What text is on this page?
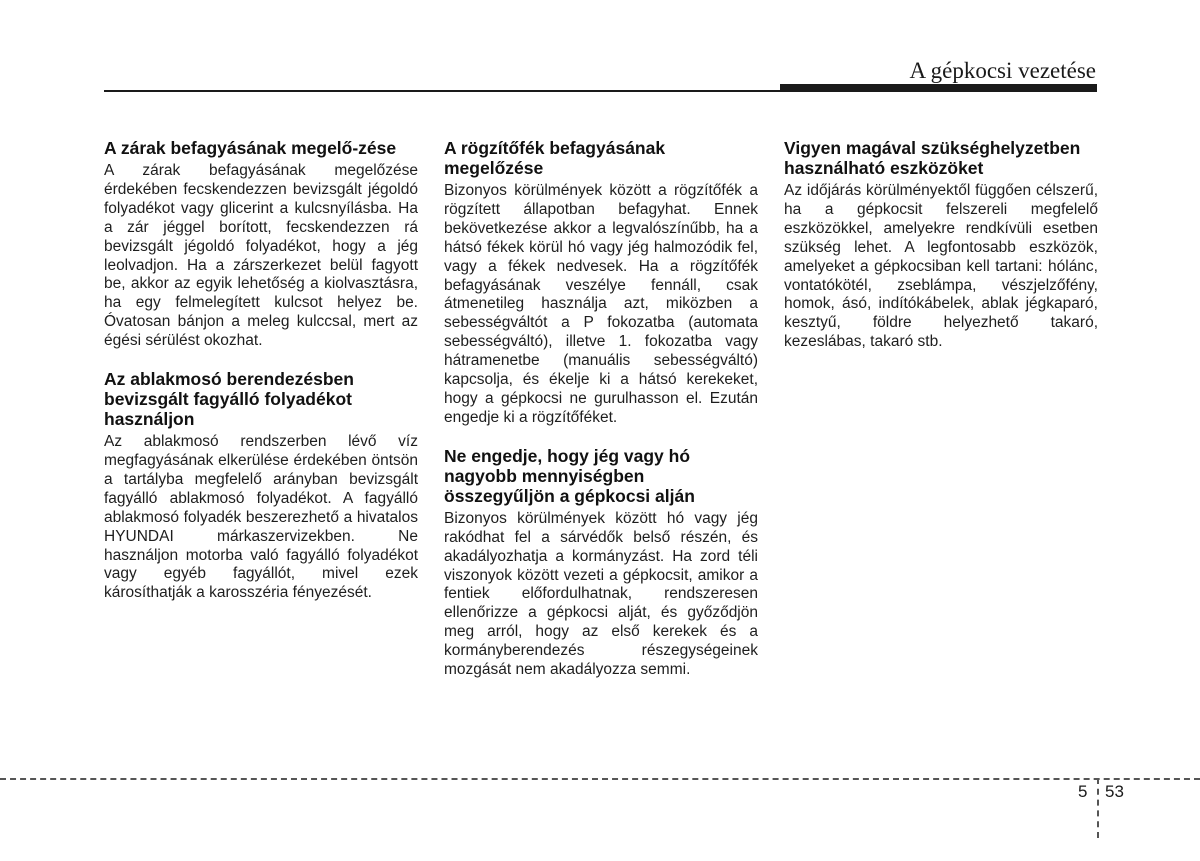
A gépkocsi vezetése
A zárak befagyásának megelő-zése

A zárak befagyásának megelőzése érdekében fecskendezzen bevizsgált jégoldó folyadékot vagy glicerint a kulcsnyílásba. Ha a zár jéggel borított, fecskendezzen rá bevizsgált jégoldó folyadékot, hogy a jég leolvadjon. Ha a zárszerkezet belül fagyott be, akkor az egyik lehetőség a kiolvasztásra, ha egy felmelegített kulcsot helyez be. Óvatosan bánjon a meleg kulccsal, mert az égési sérülést okozhat.

Az ablakmosó berendezésben bevizsgált fagyálló folyadékot használjon

Az ablakmosó rendszerben lévő víz megfagyásának elkerülése érdekében öntsön a tartályba megfelelő arányban bevizsgált fagyálló ablakmosó folyadékot. A fagyálló ablakmosó folyadék beszerezhető a hivatalos HYUNDAI márkaszervizekben. Ne használjon motorba való fagyálló folyadékot vagy egyéb fagyállót, mivel ezek károsíthatják a karosszéria fényezését.

A rögzítőfék befagyásának megelőzése

Bizonyos körülmények között a rögzítőfék a rögzített állapotban befagyhat. Ennek bekövetkezése akkor a legvalószínűbb, ha a hátsó fékek körül hó vagy jég halmozódik fel, vagy a fékek nedvesek. Ha a rögzítőfék befagyásának veszélye fennáll, csak átmenetileg használja azt, miközben a sebességváltót a P fokozatba (automata sebességváltó), illetve 1. fokozatba vagy hátramenetbe (manuális sebességváltó) kapcsolja, és ékelje ki a hátsó kerekeket, hogy a gépkocsi ne gurulhasson el. Ezután engedje ki a rögzítőféket.

Ne engedje, hogy jég vagy hó nagyobb mennyiségben összegyűljön a gépkocsi alján

Bizonyos körülmények között hó vagy jég rakódhat fel a sárvédők belső részén, és akadályozhatja a kormányzást. Ha zord téli viszonyok között vezeti a gépkocsit, amikor a fentiek előfordulhatnak, rendszeresen ellenőrizze a gépkocsi alját, és győződjön meg arról, hogy az első kerekek és a kormányberendezés részegységeinek mozgását nem akadályozza semmi.

Vigyen magával szükséghelyzetben használható eszközöket

Az időjárás körülményektől függően célszerű, ha a gépkocsit felszereli megfelelő eszközökkel, amelyekre rendkívüli esetben szükség lehet. A legfontosabb eszközök, amelyeket a gépkocsiban kell tartani: hólánc, vontatókötél, zseblámpa, vészjelzőfény, homok, ásó, indítókábelek, ablak jégkaparó, kesztyű, földre helyezhető takaró, kezeslábas, takaró stb.

5 53
